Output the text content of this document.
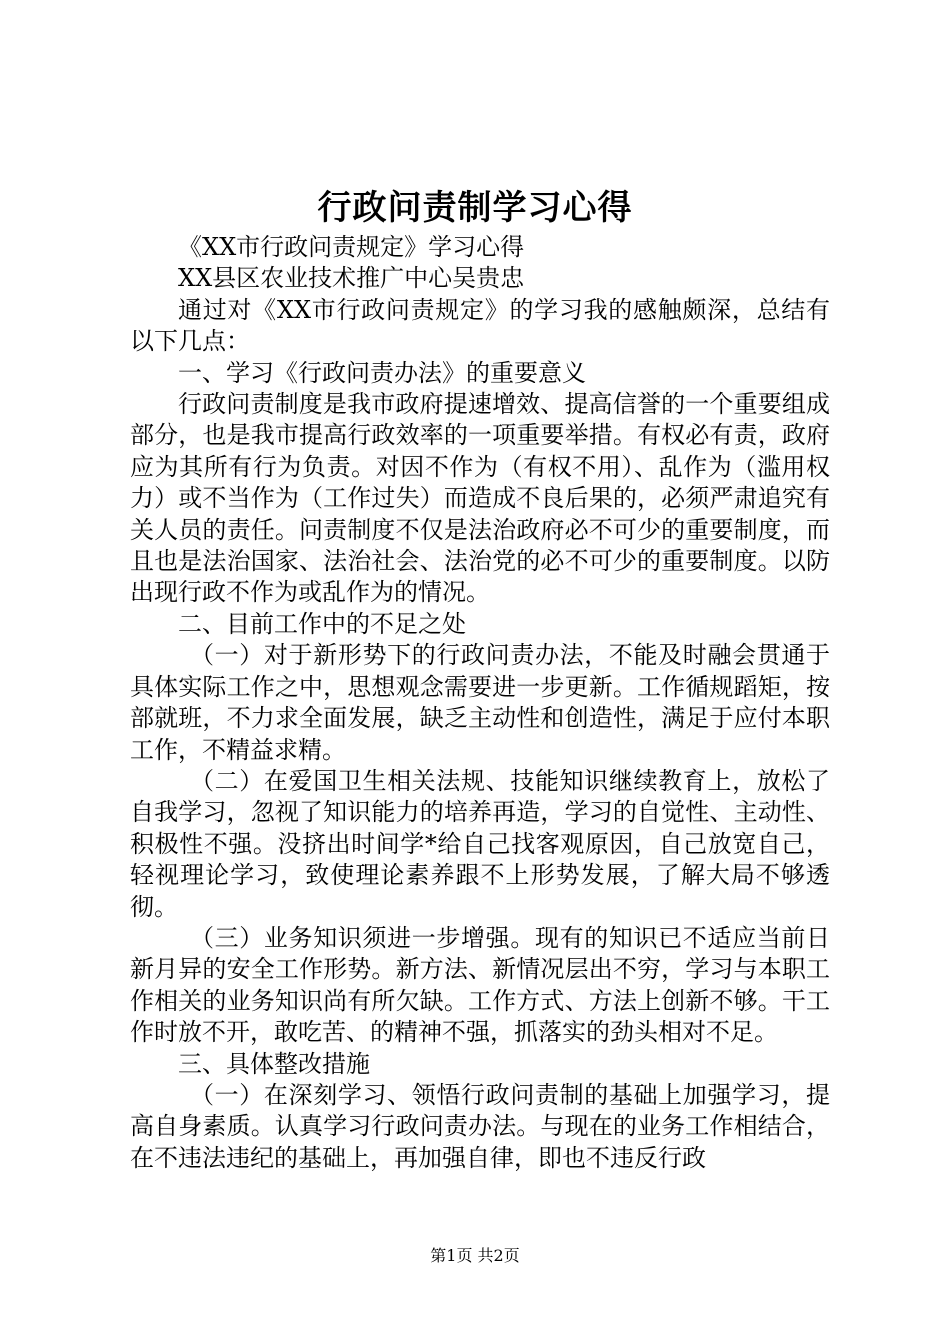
行政问责制学习心得

《XX市行政问责规定》学习心得

XX县区农业技术推广中心吴贵忠

通过对《XX市行政问责规定》的学习我的感触颇深，总结有以下几点：

一、学习《行政问责办法》的重要意义

行政问责制度是我市政府提速增效、提高信誉的一个重要组成部分，也是我市提高行政效率的一项重要举措。有权必有责，政府应为其所有行为负责。对因不作为（有权不用）、乱作为（滥用权力）或不当作为（工作过失）而造成不良后果的，必须严肃追究有关人员的责任。问责制度不仅是法治政府必不可少的重要制度，而且也是法治国家、法治社会、法治党的必不可少的重要制度。以防出现行政不作为或乱作为的情况。

二、目前工作中的不足之处

（一）对于新形势下的行政问责办法，不能及时融会贯通于具体实际工作之中，思想观念需要进一步更新。工作循规蹈矩，按部就班，不力求全面发展，缺乏主动性和创造性，满足于应付本职工作，不精益求精。

（二）在爱国卫生相关法规、技能知识继续教育上，放松了自我学习，忽视了知识能力的培养再造，学习的自觉性、主动性、积极性不强。没挤出时间学*给自己找客观原因，自己放宽自己，轻视理论学习，致使理论素养跟不上形势发展，了解大局不够透彻。

（三）业务知识须进一步增强。现有的知识已不适应当前日新月异的安全工作形势。新方法、新情况层出不穷，学习与本职工作相关的业务知识尚有所欠缺。工作方式、方法上创新不够。干工作时放不开，敢吃苦、的精神不强，抓落实的劲头相对不足。

三、具体整改措施

（一）在深刻学习、领悟行政问责制的基础上加强学习，提高自身素质。认真学习行政问责办法。与现在的业务工作相结合，在不违法违纪的基础上，再加强自律，即也不违反行政

第1页 共2页
